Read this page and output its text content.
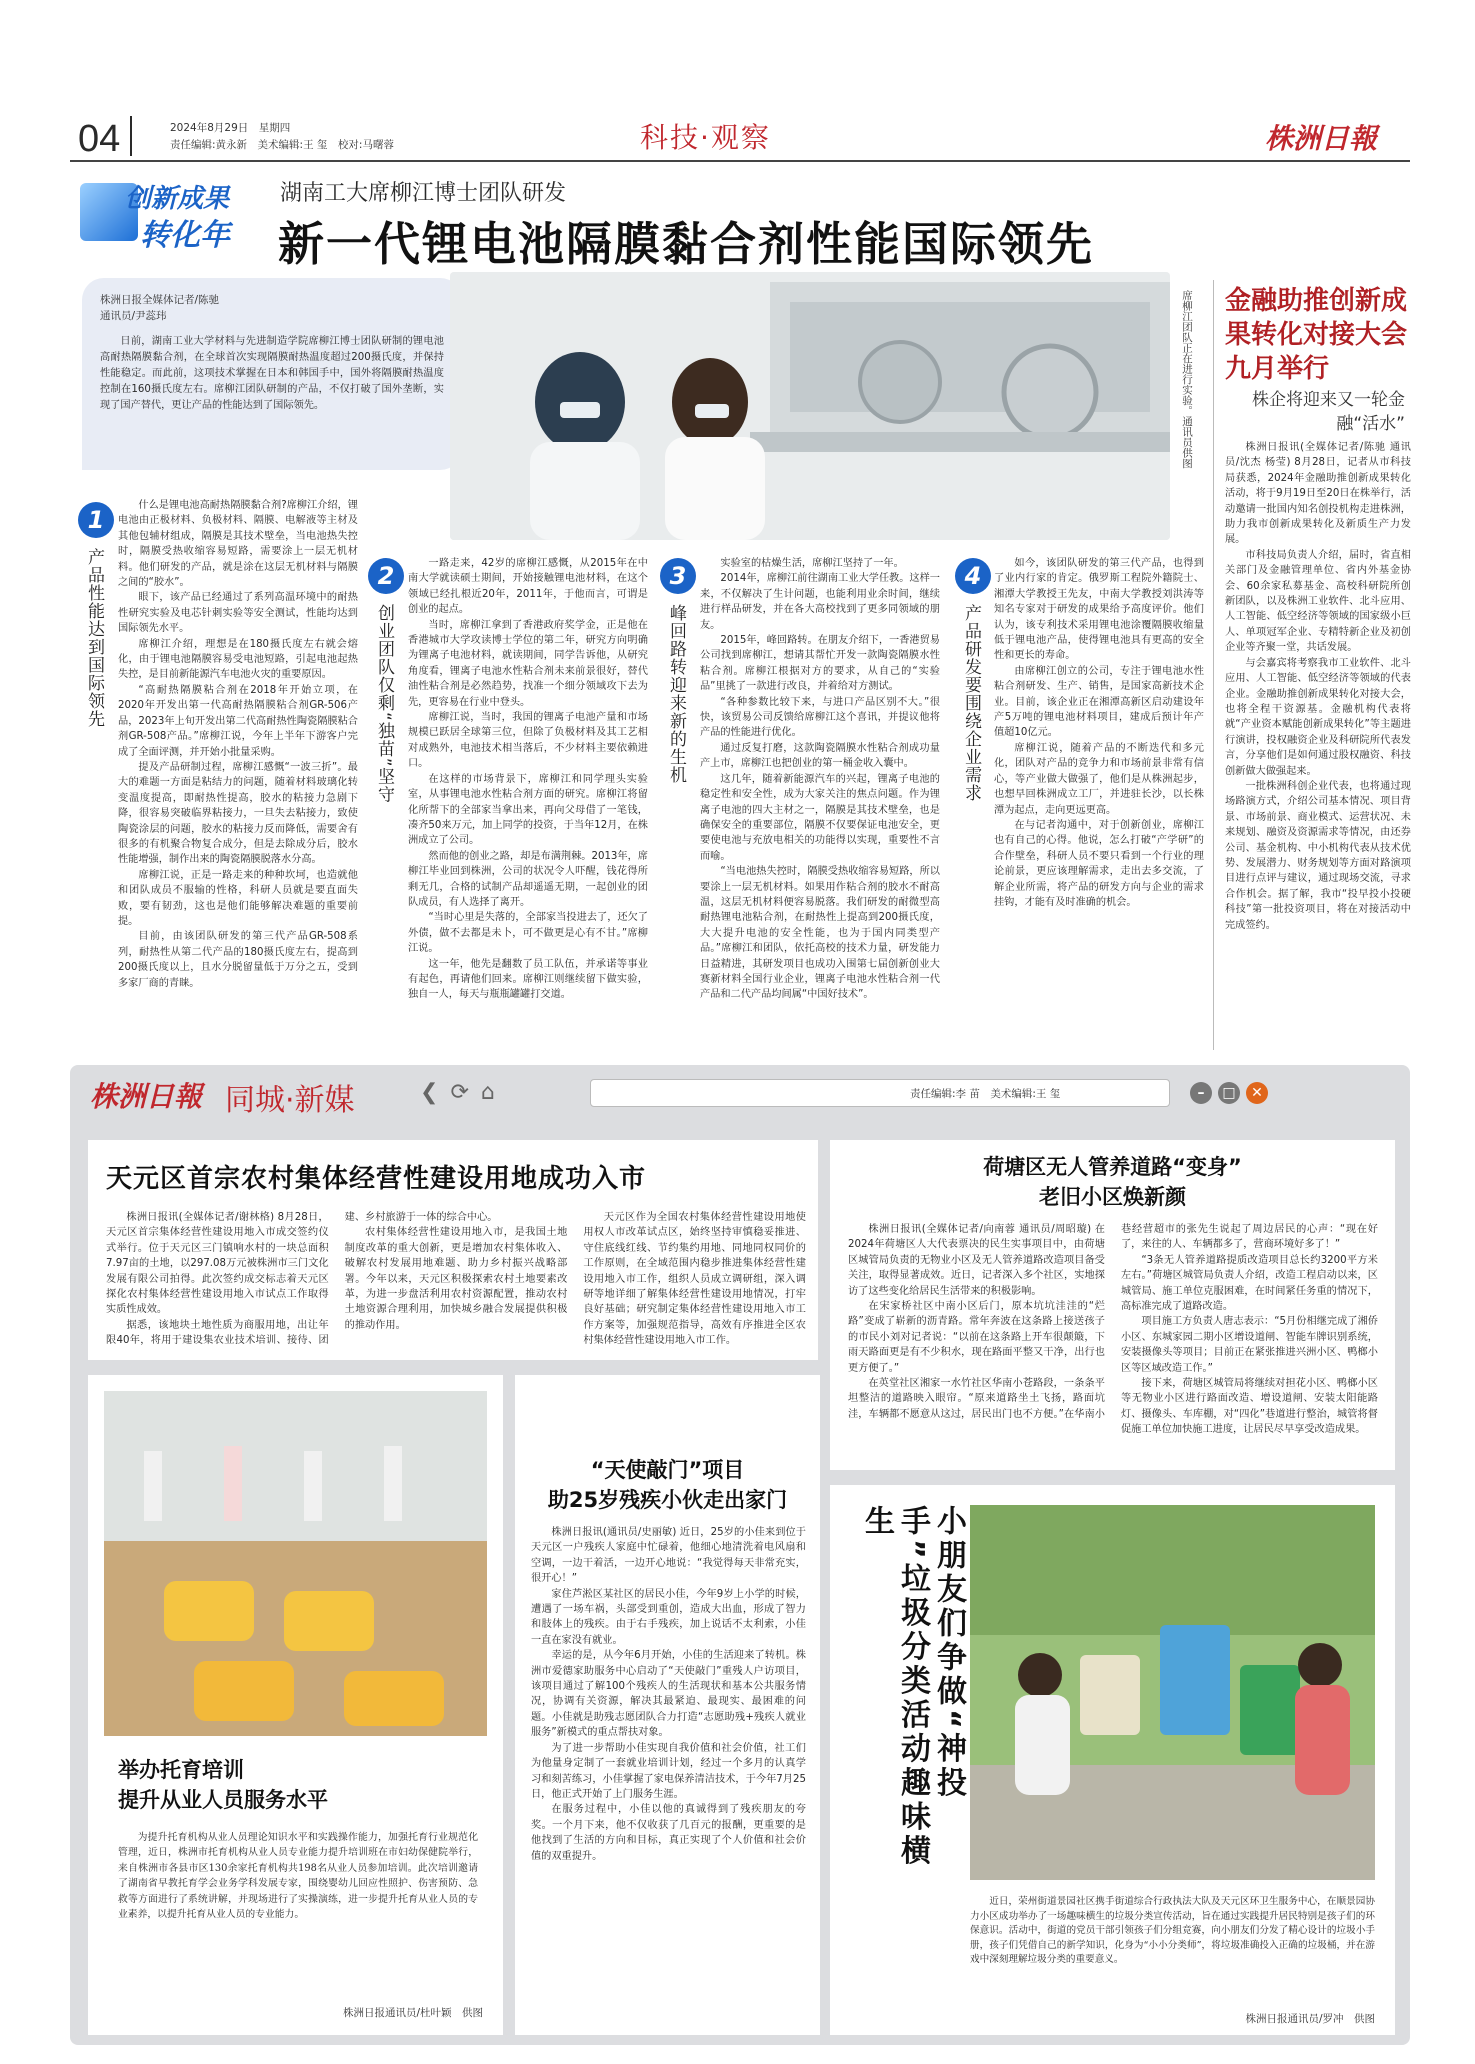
04	2024年8月29日　星期四
责任编辑:黄永新　美术编辑:王 玺　校对:马曙蓉	科技·观察	株洲日報
创新成果
转化年
湖南工大席柳江博士团队研发
新一代锂电池隔膜黏合剂性能国际领先
株洲日报全媒体记者/陈驰
通讯员/尹蕊玮
日前，湖南工业大学材料与先进制造学院席柳江博士团队研制的锂电池高耐热隔膜黏合剂，在全球首次实现隔膜耐热温度超过200摄氏度，并保持性能稳定。而此前，这项技术掌握在日本和韩国手中，国外将隔膜耐热温度控制在160摄氏度左右。席柳江团队研制的产品，不仅打破了国外垄断，实现了国产替代，更让产品的性能达到了国际领先。	席柳江团队正在进行实验。通讯员供图 金融助推创新成果转化对接大会九月举行
株企将迎来又一轮金融“活水”

株洲日报讯(全媒体记者/陈驰 通讯员/沈杰 杨莹) 8月28日，记者从市科技局获悉，2024年金融助推创新成果转化活动，将于9月19日至20日在株举行，活动邀请一批国内知名创投机构走进株洲，助力我市创新成果转化及新质生产力发展。

市科技局负责人介绍，届时，省直相关部门及金融管理单位、省内外基金协会、60余家私募基金、高校科研院所创新团队，以及株洲工业软件、北斗应用、人工智能、低空经济等领域的国家级小巨人、单项冠军企业、专精特新企业及初创企业等齐聚一堂，共话发展。

与会嘉宾将考察我市工业软件、北斗应用、人工智能、低空经济等领域的代表企业。金融助推创新成果转化对接大会，也将全程干资源基。金融机构代表将就“产业资本赋能创新成果转化”等主题进行演讲，投权融资企业及科研院所代表发言，分享他们是如何通过股权融资、科技创新做大做强起来。

一批株洲科创企业代表，也将通过现场路演方式，介绍公司基本情况、项目背景、市场前景、商业模式、运营状况、未来规划、融资及资源需求等情况，由还券公司、基金机构、中小机构代表从技术优势、发展潜力、财务规划等方面对路演项目进行点评与建议，通过现场交流，寻求合作机会。据了解，我市“投早投小投硬科技”第一批投资项目，将在对接活动中完成签约。

1
产品性能达到国际领先

什么是锂电池高耐热隔膜黏合剂?席柳江介绍，锂电池由正极材料、负极材料、隔膜、电解液等主材及其他包辅材组成，隔膜是其技术壁垒，当电池热失控时，隔膜受热收缩容易短路，需要涂上一层无机材料。他们研发的产品，就是涂在这层无机材料与隔膜之间的“胶水”。

眼下，该产品已经通过了系列高温环境中的耐热性研究实验及电芯针刺实验等安全测试，性能均达到国际领先水平。

席柳江介绍，理想是在180摄氏度左右就会熔化，由于锂电池隔膜容易受电池短路，引起电池起热失控，是目前新能源汽车电池火灾的重要原因。

“高耐热隔膜粘合剂在2018年开始立项，在2020年开发出第一代高耐热隔膜粘合剂GR-506产品，2023年上旬开发出第二代高耐热性陶瓷隔膜粘合剂GR-508产品。”席柳江说，今年上半年下游客户完成了全面评测，并开始小批量采购。

提及产品研制过程，席柳江感慨“一波三折”。最大的难题一方面是粘结力的问题，随着材料玻璃化转变温度提高，即耐热性提高，胶水的粘接力急剧下降，很容易突破临界粘接力，一旦失去粘接力，致使陶瓷涂层的问题，胶水的粘接力反而降低，需要舍有很多的有机聚合物复合成分，但是去除成分后，胶水性能增强，制作出来的陶瓷隔膜脱落水分高。

席柳江说，正是一路走来的种种坎坷，也造就他和团队成员不服输的性格，科研人员就是要直面失败，要有韧劲，这也是他们能够解决难题的重要前提。

目前，由该团队研发的第三代产品GR-508系列，耐热性从第二代产品的180摄氏度左右，提高到200摄氏度以上，且水分脱留量低于万分之五，受到多家厂商的青睐。

2
创业团队仅剩“独苗”坚守

一路走来，42岁的席柳江感慨，从2015年在中南大学就读硕士期间，开始接触锂电池材料，在这个领域已经扎根近20年，2011年，于他而言，可谓是创业的起点。

当时，席柳江拿到了香港政府奖学金，正是他在香港城市大学攻读博士学位的第二年，研究方向明确为锂离子电池材料，就读期间，同学告诉他，从研究角度看，锂离子电池水性粘合剂未来前景很好，替代油性粘合剂是必然趋势，找准一个细分领域攻下去为先，更容易在行业中登头。

席柳江说，当时，我国的锂离子电池产量和市场规模已跃居全球第三位，但除了负极材料及其工艺相对成熟外，电池技术相当落后，不少材料主要依赖进口。

在这样的市场背景下，席柳江和同学理头实验室，从事锂电池水性粘合剂方面的研究。席柳江将留化所帮下的全部家当拿出来，再向父母借了一笔钱，凑齐50来万元，加上同学的投资，于当年12月，在株洲成立了公司。

然而他的创业之路，却是布满荆棘。2013年，席柳江毕业回到株洲，公司的状况令人吓醒，钱花得所剩无几，合格的试制产品却遥遥无期，一起创业的团队成员，有人选择了离开。

“当时心里是失落的，全部家当投进去了，还欠了外债，做不去都是未卜，可不做更是心有不甘。”席柳江说。

这一年，他先是翻数了员工队伍，并承诺等事业有起色，再请他们回来。席柳江则继续留下做实验，独自一人，每天与瓶瓶罐罐打交道。

3
峰回路转迎来新的生机

实验室的枯燥生活，席柳江坚持了一年。

2014年，席柳江前往湖南工业大学任教。这样一来，不仅解决了生计问题，也能利用业余时间，继续进行样品研发，并在各大高校找到了更多同领域的朋友。

2015年，峰回路转。在朋友介绍下，一香港贸易公司找到席柳江，想请其帮忙开发一款陶瓷隔膜水性粘合剂。席柳江根据对方的要求，从自己的“实验品”里挑了一款进行改良，并着给对方测试。

“各种参数比较下来，与进口产品区别不大。”很快，该贸易公司反馈给席柳江这个喜讯，并提议他将产品的性能进行优化。

通过反复打磨，这款陶瓷隔膜水性粘合剂成功量产上市，席柳江也把创业的第一桶金收入囊中。

这几年，随着新能源汽车的兴起，锂离子电池的稳定性和安全性，成为大家关注的焦点问题。作为锂离子电池的四大主材之一，隔膜是其技术壁垒，也是确保安全的重要部位，隔膜不仅要保证电池安全，更要使电池与充放电相关的功能得以实现，重要性不言而喻。

“当电池热失控时，隔膜受热收缩容易短路，所以要涂上一层无机材料。如果用作粘合剂的胶水不耐高温，这层无机材料便容易脱落。我们研发的耐微型高耐热锂电池粘合剂，在耐热性上提高到200摄氏度，大大提升电池的安全性能，也为于国内同类型产品。”席柳江和团队，依托高校的技术力量，研发能力日益精进，其研发项目也成功入围第七届创新创业大赛新材料全国行业企业，锂离子电池水性粘合剂一代产品和二代产品均间属“中国好技术”。

4
产品研发要围绕企业需求

如今，该团队研发的第三代产品，也得到了业内行家的肯定。俄罗斯工程院外籍院士、湘潭大学教授王先友，中南大学教授刘洪涛等知名专家对于研发的成果给予高度评价。他们认为，该专利技术采用锂电池涂覆隔膜收缩量低于锂电池产品，使得锂电池具有更高的安全性和更长的寿命。

由席柳江创立的公司，专注于锂电池水性粘合剂研发、生产、销售，是国家高新技术企业。目前，该企业正在湘潭高新区启动建设年产5万吨的锂电池材料项目，建成后预计年产值超10亿元。

席柳江说，随着产品的不断迭代和多元化，团队对产品的竞争力和市场前景非常有信心，等产业做大做强了，他们是从株洲起步，也想早回株洲成立工厂，并进驻长沙，以长株潭为起点，走向更远更高。

在与记者沟通中，对于创新创业，席柳江也有自己的心得。他说，怎么打破“产学研”的合作壁垒，科研人员不要只看到一个行业的理论前景，更应该理解需求，走出去多交流，了解企业所需，将产品的研发方向与企业的需求挂钩，才能有及时准确的机会。

株洲日報 同城·新媒	❮⟳⌂	责任编辑:李 苗　美术编辑:王 玺	–	□	✕
天元区首宗农村集体经营性建设用地成功入市

株洲日报讯(全媒体记者/谢林格) 8月28日，天元区首宗集体经营性建设用地入市成交签约仪式举行。位于天元区三门镇响水村的一块总面积7.97亩的土地，以297.08万元被株洲市三门文化发展有限公司拍得。此次签约成交标志着天元区探化农村集体经营性建设用地入市试点工作取得实质性成效。

据悉，该地块土地性质为商服用地，出让年限40年，将用于建设集农业技术培训、接待、团建、乡村旅游于一体的综合中心。

农村集体经营性建设用地入市，是我国土地制度改革的重大创新，更是增加农村集体收入、破解农村发展用地难题、助力乡村振兴战略部署。今年以来，天元区积极探索农村土地要素改革，为进一步盘活利用农村资源配置，推动农村土地资源合理利用，加快城乡融合发展提供积极的推动作用。

天元区作为全国农村集体经营性建设用地使用权人市改革试点区，始终坚持审慎稳妥推进、守住底线红线、节约集约用地、同地同权同价的工作原则，在全域范围内稳步推进集体经营性建设用地入市工作，组织人员成立调研组，深入调研等地详细了解集体经营性建设用地情况，打牢良好基础；研究制定集体经营性建设用地入市工作方案等，加强规范指导，高效有序推进全区农村集体经营性建设用地入市工作。

荷塘区无人管养道路“变身”
老旧小区焕新颜

株洲日报讯(全媒体记者/向南蓉 通讯员/周昭璇) 在2024年荷塘区人大代表票决的民生实事项目中，由荷塘区城管局负责的无物业小区及无人管养道路改造项目备受关注，取得显著成效。近日，记者深入多个社区，实地探访了这些变化给居民生活带来的积极影响。

在宋家桥社区中南小区后门，原本坑坑洼洼的“烂路”变成了崭新的沥青路。常年奔波在这条路上接送孩子的市民小刘对记者说：“以前在这条路上开车很颠簸，下雨天路面更是有不少积水，现在路面平整又干净，出行也更方便了。”

在英堂社区湘家一水竹社区华南小苍路段，一条条平坦整洁的道路映入眼帘。“原来道路坐土飞扬，路面坑洼，车辆都不愿意从这过，居民出门也不方便。”在华南小巷经营超市的张先生说起了周边居民的心声：“现在好了，来往的人、车辆都多了，营商环境好多了！”

“3条无人管养道路提质改造项目总长约3200平方米左右。”荷塘区城管局负责人介绍，改造工程启动以来，区城管局、施工单位克服困难，在时间紧任务重的情况下，高标准完成了道路改造。

项目施工方负责人唐志表示：“5月份相继完成了湘侨小区、东城家园二期小区增设道闸、智能车牌识别系统，安装摄像头等项目；目前正在紧张推进兴洲小区、鸭榔小区等区域改造工作。”

接下来，荷塘区城管局将继续对担花小区、鸭榔小区等无物业小区进行路面改造、增设道闸、安装太阳能路灯、摄像头、车库棚，对“四化”巷道进行整治，城管将督促施工单位加快施工进度，让居民尽早享受改造成果。

举办托育培训
提升从业人员服务水平
为提升托育机构从业人员理论知识水平和实践操作能力，加强托育行业规范化管理，近日，株洲市托育机构从业人员专业能力提升培训班在市妇幼保健院举行，来自株洲市各县市区130余家托育机构共198名从业人员参加培训。此次培训邀请了湖南省早教托育学会业务学科发展专家，围绕婴幼儿回应性照护、伤害预防、急救等方面进行了系统讲解，并现场进行了实操演练，进一步提升托育从业人员的专业素养，以提升托育从业人员的专业能力。
株洲日报通讯员/杜叶颖　供图
“天使敲门”项目
助25岁残疾小伙走出家门

株洲日报讯(通讯员/史丽敏) 近日，25岁的小佳来到位于天元区一户残疾人家庭中忙碌着，他细心地清洗着电风扇和空调，一边干着活，一边开心地说：“我觉得每天非常充实，很开心！”

家住芦淞区某社区的居民小佳，今年9岁上小学的时候，遭遇了一场车祸，头部受到重创，造成大出血，形成了智力和肢体上的残疾。由于右手残疾，加上说话不太利索，小佳一直在家没有就业。

幸运的是，从今年6月开始，小佳的生活迎来了转机。株洲市爱德家助服务中心启动了“天使敲门”重残人户访项目，该项目通过了解100个残疾人的生活现状和基本公共服务情况，协调有关资源，解决其最紧迫、最现实、最困难的问题。小佳就是助残志愿团队合力打造“志愿助残+残疾人就业服务”新模式的重点帮扶对象。

为了进一步帮助小佳实现自我价值和社会价值，社工们为他量身定制了一套就业培训计划，经过一个多月的认真学习和刻苦练习，小佳掌握了家电保养清洁技术，于今年7月25日，他正式开始了上门服务生涯。

在服务过程中，小佳以他的真诚得到了残疾朋友的夸奖。一个月下来，他不仅收获了几百元的报酬，更重要的是他找到了生活的方向和目标，真正实现了个人价值和社会价值的双重提升。

小朋友们争做“神投手”垃圾分类活动趣味横生
近日，荣州街道景园社区携手街道综合行政执法大队及天元区环卫生服务中心，在顺景园协力小区成功举办了一场趣味横生的垃圾分类宣传活动，旨在通过实践提升居民特别是孩子们的环保意识。活动中，街道的党员干部引领孩子们分组竞赛，向小朋友们分发了精心设计的垃圾小手册，孩子们凭借自己的新学知识，化身为“小小分类师”，将垃圾准确投入正确的垃圾桶，并在游戏中深刻理解垃圾分类的重要意义。
株洲日报通讯员/罗冲　供图
